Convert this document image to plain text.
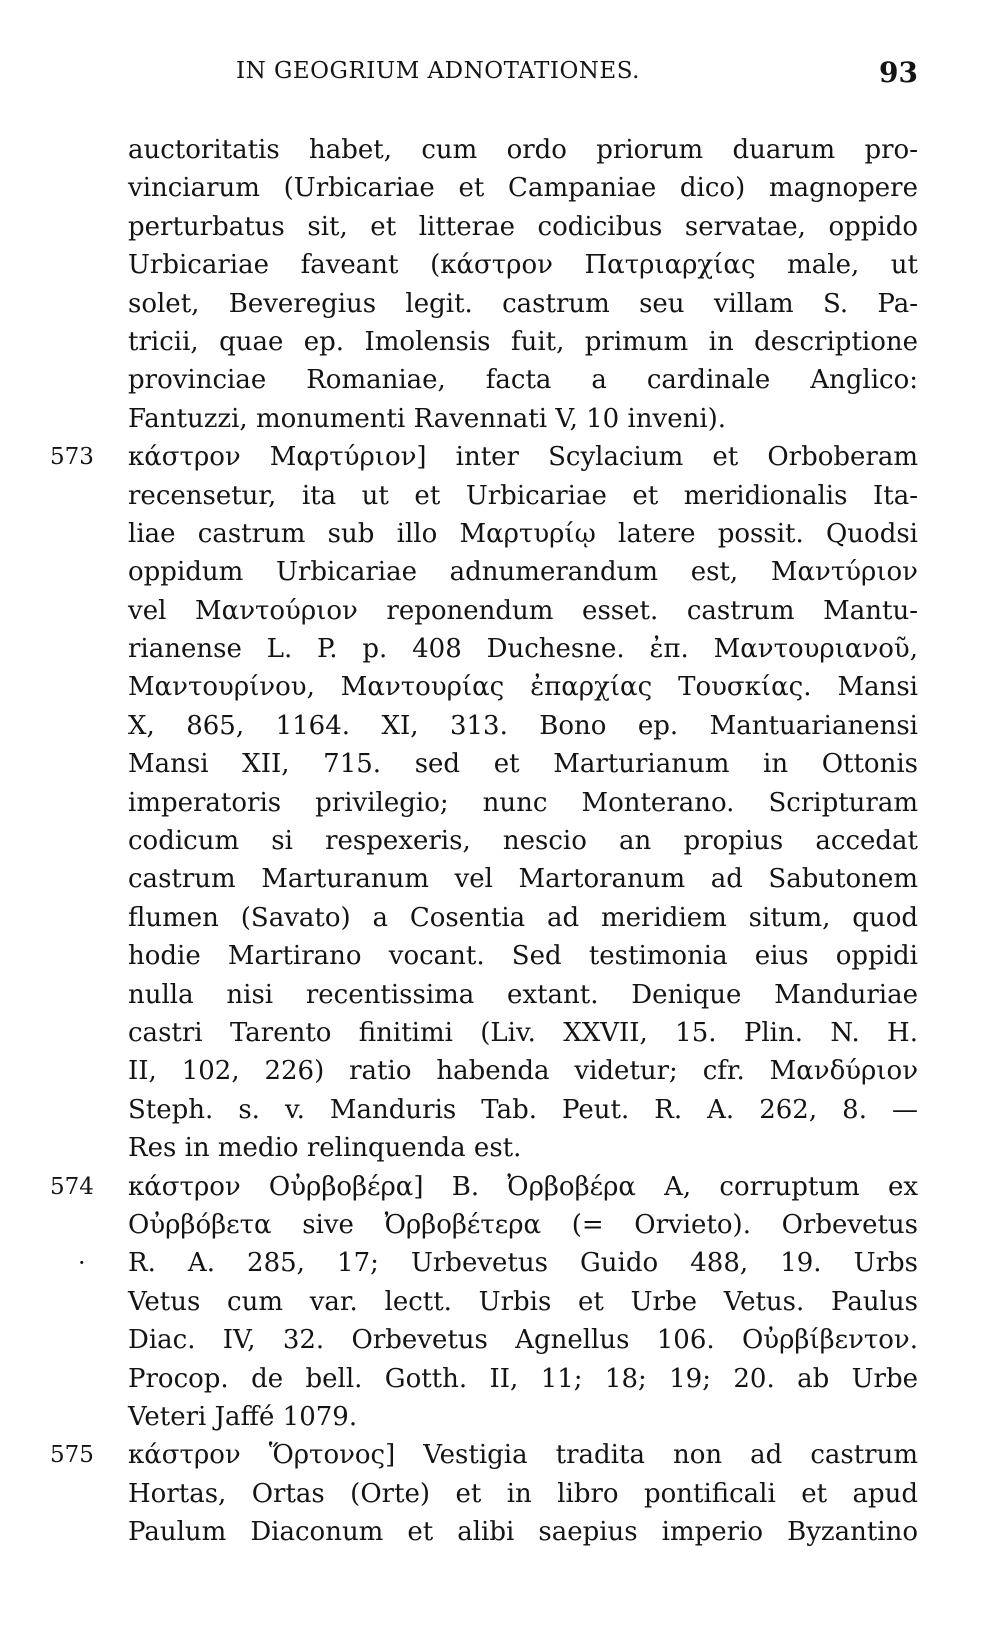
IN GEOGRIUM ADNOTATIONES.	93
auctoritatis habet, cum ordo priorum duarum pro-
vinciarum (Urbicariae et Campaniae dico) magnopere
perturbatus sit, et litterae codicibus servatae, oppido
Urbicariae faveant (κάστρον Πατριαρχίας male, ut
solet, Beveregius legit. castrum seu villam S. Pa-
tricii, quae ep. Imolensis fuit, primum in descriptione
provinciae Romaniae, facta a cardinale Anglico:
Fantuzzi, monumenti Ravennati V, 10 inveni).
573 κάστρον Μαρτύριον] inter Scylacium et Orboberam
recensetur, ita ut et Urbicariae et meridionalis Ita-
liae castrum sub illo Μαρτυρίῳ latere possit. Quodsi
oppidum Urbicariae adnumerandum est, Μαντύριον
vel Μαντούριον reponendum esset. castrum Mantu-
rianense L. P. p. 408 Duchesne. ἐπ. Μαντουριανοῦ,
Μαντουρίνου, Μαντουρίας ἐπαρχίας Τουσκίας. Mansi
X, 865, 1164. XI, 313. Bono ep. Mantuarianensi
Mansi XII, 715. sed et Marturianum in Ottonis
imperatoris privilegio; nunc Monterano. Scripturam
codicum si respexeris, nescio an propius accedat
castrum Marturanum vel Martoranum ad Sabutonem
flumen (Savato) a Cosentia ad meridiem situm, quod
hodie Martirano vocant. Sed testimonia eius oppidi
nulla nisi recentissima extant. Denique Manduriae
castri Tarento finitimi (Liv. XXVII, 15. Plin. N. H.
II, 102, 226) ratio habenda videtur; cfr. Μανδύριον
Steph. s. v. Manduris Tab. Peut. R. A. 262, 8. —
Res in medio relinquenda est.
574 κάστρον Οὐρβοβέρα] B. Ὀρβοβέρα A, corruptum ex
Οὐρβόβετα sive Ὀρβοβέτερα (= Orvieto). Orbevetus
· R. A. 285, 17; Urbevetus Guido 488, 19. Urbs
Vetus cum var. lectt. Urbis et Urbe Vetus. Paulus
Diac. IV, 32. Orbevetus Agnellus 106. Οὐρβίβεντον.
Procop. de bell. Gotth. II, 11; 18; 19; 20. ab Urbe
Veteri Jaffé 1079.
575 κάστρον Ὅρτονος] Vestigia tradita non ad castrum
Hortas, Ortas (Orte) et in libro pontificali et apud
Paulum Diaconum et alibi saepius imperio Byzantino
